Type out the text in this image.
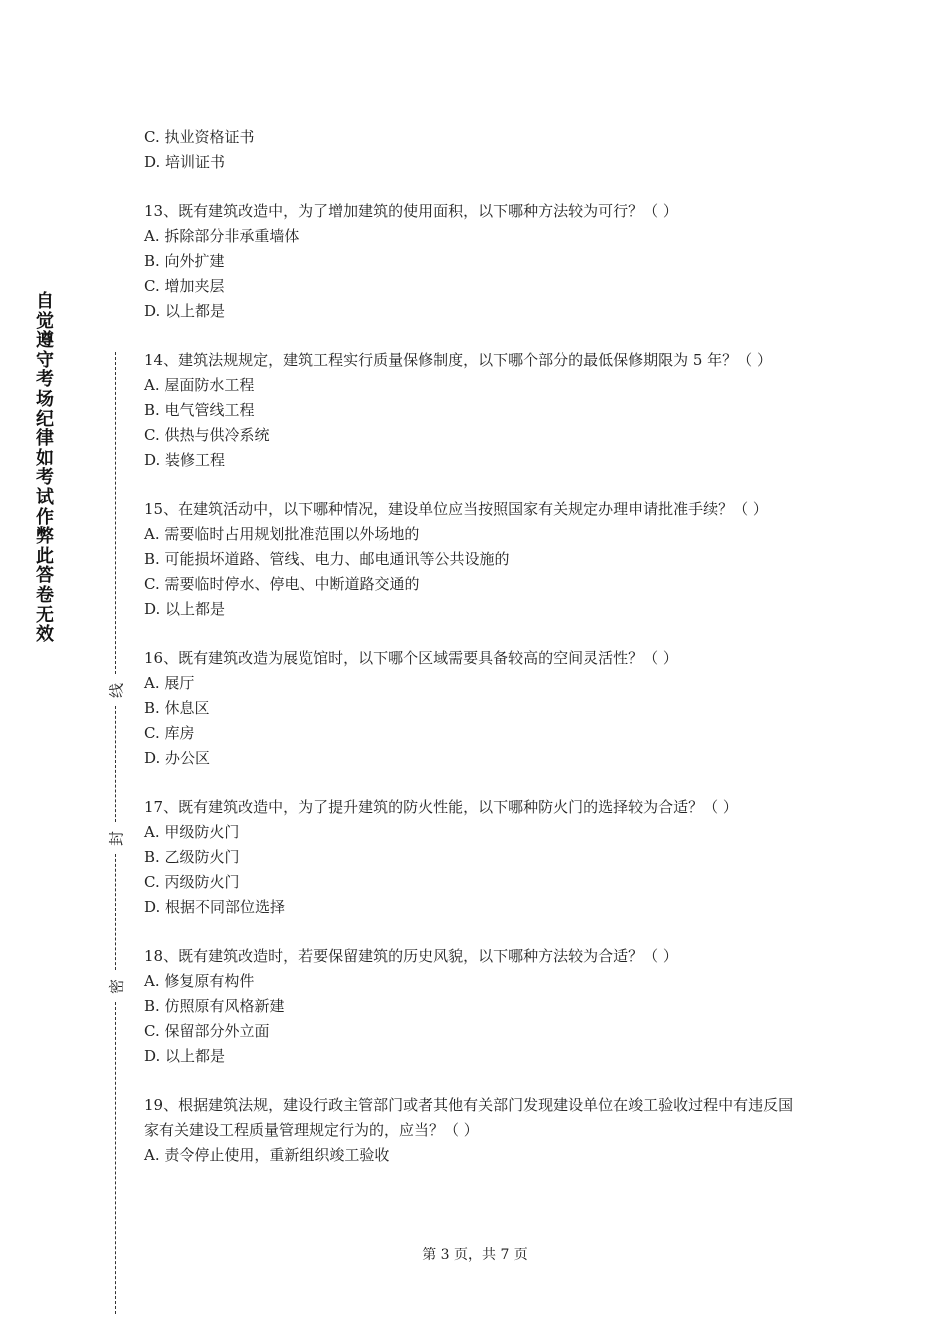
自
觉
遵
守
考
场
纪
律
如
考
试
作
弊
此
答
卷
无
效
线
封
密
C. 执业资格证书
D. 培训证书
13、既有建筑改造中，为了增加建筑的使用面积，以下哪种方法较为可行？（ ）
A. 拆除部分非承重墙体
B. 向外扩建
C. 增加夹层
D. 以上都是
14、建筑法规规定，建筑工程实行质量保修制度，以下哪个部分的最低保修期限为 5 年？（ ）
A. 屋面防水工程
B. 电气管线工程
C. 供热与供冷系统
D. 装修工程
15、在建筑活动中，以下哪种情况，建设单位应当按照国家有关规定办理申请批准手续？（ ）
A. 需要临时占用规划批准范围以外场地的
B. 可能损坏道路、管线、电力、邮电通讯等公共设施的
C. 需要临时停水、停电、中断道路交通的
D. 以上都是
16、既有建筑改造为展览馆时，以下哪个区域需要具备较高的空间灵活性？（ ）
A. 展厅
B. 休息区
C. 库房
D. 办公区
17、既有建筑改造中，为了提升建筑的防火性能，以下哪种防火门的选择较为合适？（ ）
A. 甲级防火门
B. 乙级防火门
C. 丙级防火门
D. 根据不同部位选择
18、既有建筑改造时，若要保留建筑的历史风貌，以下哪种方法较为合适？（ ）
A. 修复原有构件
B. 仿照原有风格新建
C. 保留部分外立面
D. 以上都是
19、根据建筑法规，建设行政主管部门或者其他有关部门发现建设单位在竣工验收过程中有违反国家有关建设工程质量管理规定行为的，应当？（ ）
A. 责令停止使用，重新组织竣工验收
第 3 页，共 7 页
